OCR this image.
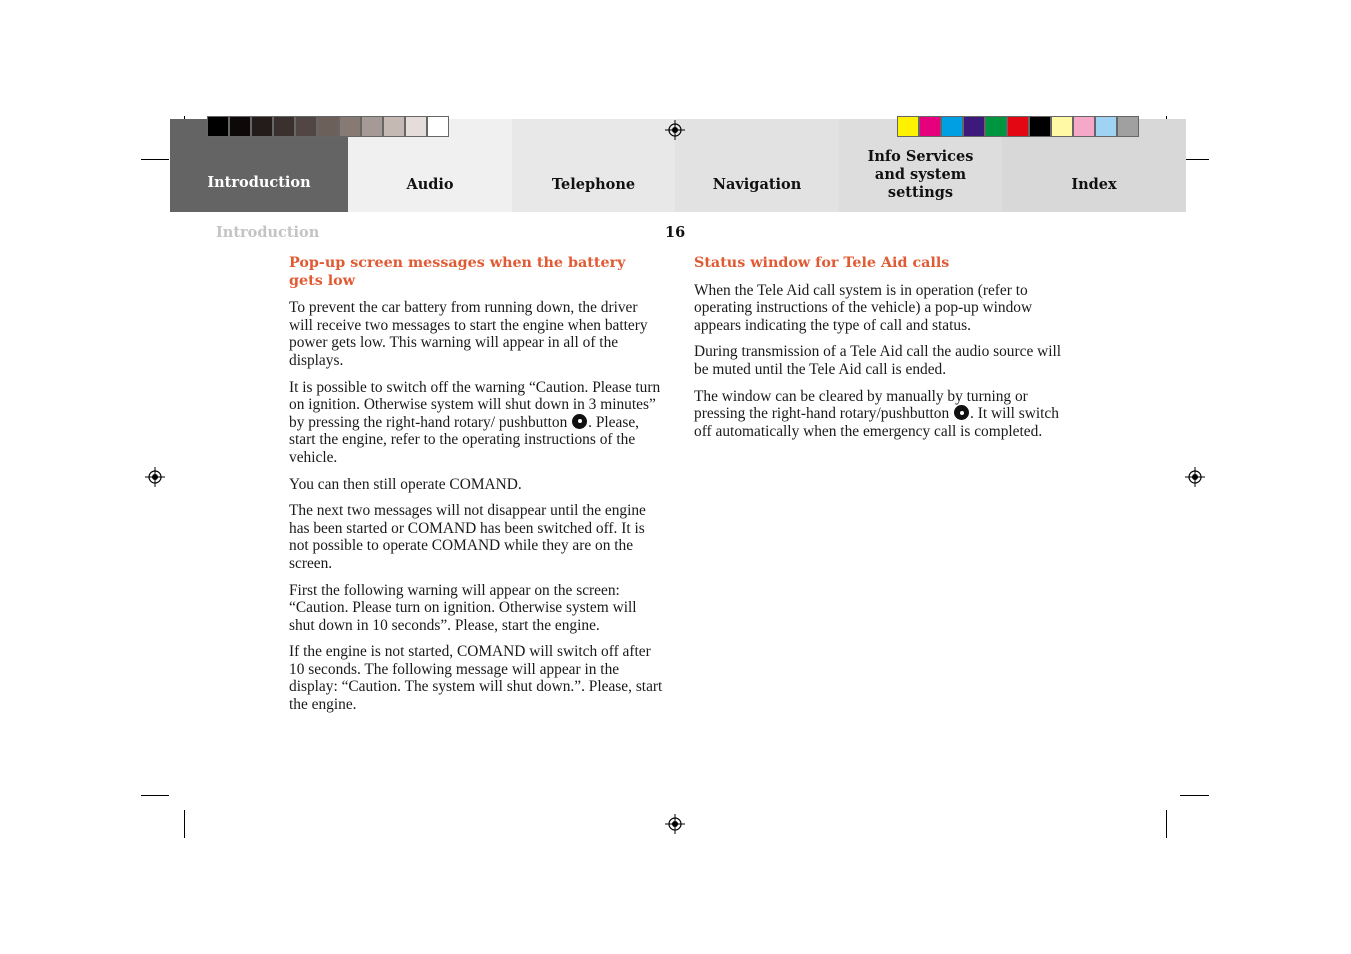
Introduction	Audio	Telephone	Navigation
Info Services and system settings	Index
Introduction	16
Pop-up screen messages when the battery gets low

To prevent the car battery from running down, the driver will receive two messages to start the engine when battery power gets low. This warning will appear in all of the displays.

It is possible to switch off the warning “Caution. Please turn on ignition. Otherwise system will shut down in 3 minutes” by pressing the right-hand rotary/ pushbutton . Please, start the engine, refer to the operating instructions of the vehicle.

You can then still operate COMAND.

The next two messages will not disappear until the engine has been started or COMAND has been switched off. It is not possible to operate COMAND while they are on the screen.

First the following warning will appear on the screen: “Caution. Please turn on ignition. Otherwise system will shut down in 10 seconds”. Please, start the engine.

If the engine is not started, COMAND will switch off after 10 seconds. The following message will appear in the display: “Caution. The system will shut down.”. Please, start the engine.

Status window for Tele Aid calls

When the Tele Aid call system is in operation (refer to operating instructions of the vehicle) a pop-up window appears indicating the type of call and status.

During transmission of a Tele Aid call the audio source will be muted until the Tele Aid call is ended.

The window can be cleared by manually by turning or pressing the right-hand rotary/pushbutton . It will switch off automatically when the emergency call is completed.
